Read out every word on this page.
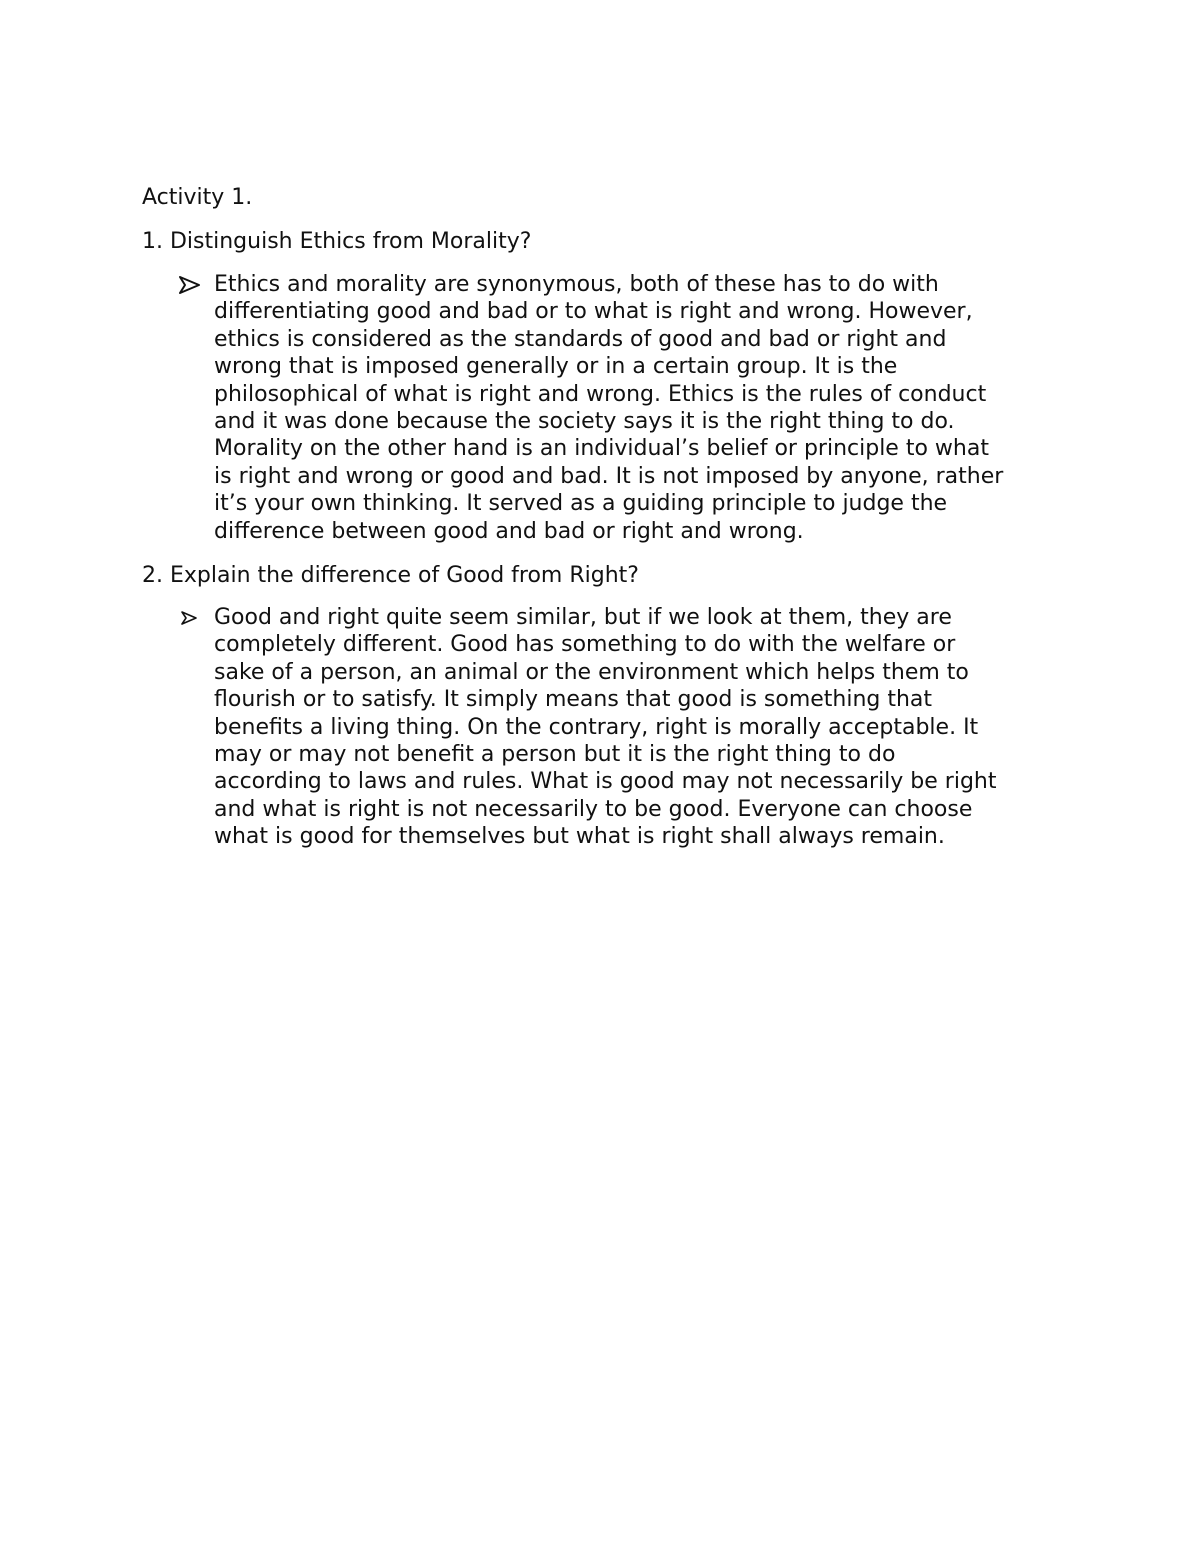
Activity 1.

1. Distinguish Ethics from Morality?

Ethics and morality are synonymous, both of these has to do with
differentiating good and bad or to what is right and wrong. However,
ethics is considered as the standards of good and bad or right and
wrong that is imposed generally or in a certain group. It is the
philosophical of what is right and wrong. Ethics is the rules of conduct
and it was done because the society says it is the right thing to do.
Morality on the other hand is an individual’s belief or principle to what
is right and wrong or good and bad. It is not imposed by anyone, rather
it’s your own thinking. It served as a guiding principle to judge the
difference between good and bad or right and wrong.

2. Explain the difference of Good from Right?

Good and right quite seem similar, but if we look at them, they are
completely different. Good has something to do with the welfare or
sake of a person, an animal or the environment which helps them to
flourish or to satisfy. It simply means that good is something that
benefits a living thing. On the contrary, right is morally acceptable. It
may or may not benefit a person but it is the right thing to do
according to laws and rules. What is good may not necessarily be right
and what is right is not necessarily to be good. Everyone can choose
what is good for themselves but what is right shall always remain.
